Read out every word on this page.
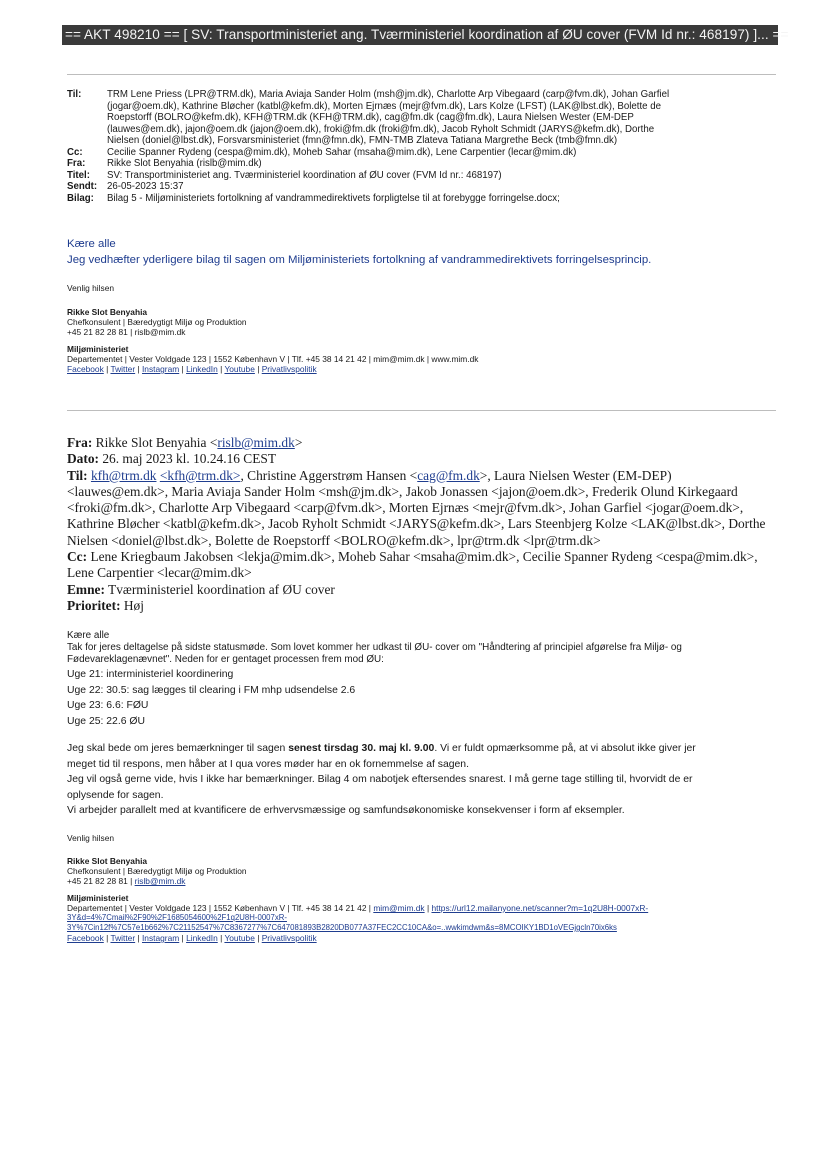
== AKT 498210 == [ SV: Transportministeriet ang. Tværministeriel koordination af ØU cover (FVM Id nr.: 468197) ]... ==
Til:	TRM Lene Priess (LPR@TRM.dk), Maria Aviaja Sander Holm (msh@jm.dk), Charlotte Arp Vibegaard (carp@fvm.dk), Johan Garfiel
(jogar@oem.dk), Kathrine Bløcher (katbl@kefm.dk), Morten Ejrnæs (mejr@fvm.dk), Lars Kolze (LFST) (LAK@lbst.dk), Bolette de
Roepstorff (BOLRO@kefm.dk), KFH@TRM.dk (KFH@TRM.dk), cag@fm.dk (cag@fm.dk), Laura Nielsen Wester (EM-DEP
(lauwes@em.dk), jajon@oem.dk (jajon@oem.dk), froki@fm.dk (froki@fm.dk), Jacob Ryholt Schmidt (JARYS@kefm.dk), Dorthe
Nielsen (doniel@lbst.dk), Forsvarsministeriet (fmn@fmn.dk), FMN-TMB Zlateva Tatiana Margrethe Beck (tmb@fmn.dk)
Cc:	Cecilie Spanner Rydeng (cespa@mim.dk), Moheb Sahar (msaha@mim.dk), Lene Carpentier (lecar@mim.dk)
Fra:	Rikke Slot Benyahia (rislb@mim.dk)
Titel:	SV: Transportministeriet ang. Tværministeriel koordination af ØU cover (FVM Id nr.: 468197)
Sendt:	26-05-2023 15:37
Bilag:	Bilag 5 - Miljøministeriets fortolkning af vandrammedirektivets forpligtelse til at forebygge forringelse.docx;
Kære alle
Jeg vedhæfter yderligere bilag til sagen om Miljøministeriets fortolkning af vandrammedirektivets forringelsesprincip.
Venlig hilsen
Rikke Slot Benyahia
Chefkonsulent | Bæredygtigt Miljø og Produktion
+45 21 82 28 81 | rislb@mim.dk
Miljøministeriet
Departementet | Vester Voldgade 123 | 1552 København V | Tlf. +45 38 14 21 42 | mim@mim.dk | www.mim.dk
Facebook | Twitter | Instagram | LinkedIn | Youtube | Privatlivspolitik
Fra: Rikke Slot Benyahia <rislb@mim.dk>
Dato: 26. maj 2023 kl. 10.24.16 CEST
Til: kfh@trm.dk <kfh@trm.dk>, Christine Aggerstrøm Hansen <cag@fm.dk>, Laura Nielsen Wester (EM-DEP)
<lauwes@em.dk>, Maria Aviaja Sander Holm <msh@jm.dk>, Jakob Jonassen <jajon@oem.dk>, Frederik Olund Kirkegaard
<froki@fm.dk>, Charlotte Arp Vibegaard <carp@fvm.dk>, Morten Ejrnæs <mejr@fvm.dk>, Johan Garfiel <jogar@oem.dk>,
Kathrine Bløcher <katbl@kefm.dk>, Jacob Ryholt Schmidt <JARYS@kefm.dk>, Lars Steenbjerg Kolze <LAK@lbst.dk>, Dorthe
Nielsen <doniel@lbst.dk>, Bolette de Roepstorff <BOLRO@kefm.dk>, lpr@trm.dk <lpr@trm.dk>
Cc: Lene Kriegbaum Jakobsen <lekja@mim.dk>, Moheb Sahar <msaha@mim.dk>, Cecilie Spanner Rydeng <cespa@mim.dk>,
Lene Carpentier <lecar@mim.dk>
Emne: Tværministeriel koordination af ØU cover
Prioritet: Høj
Kære alle
Tak for jeres deltagelse på sidste statusmøde. Som lovet kommer her udkast til ØU- cover om "Håndtering af principiel afgørelse fra Miljø- og
Fødevareklagenævnet". Neden for er gentaget processen frem mod ØU:
Uge 21: interministeriel koordinering
Uge 22: 30.5: sag lægges til clearing i FM mhp udsendelse 2.6
Uge 23: 6.6: FØU
Uge 25: 22.6 ØU
Jeg skal bede om jeres bemærkninger til sagen senest tirsdag 30. maj kl. 9.00. Vi er fuldt opmærksomme på, at vi absolut ikke giver jer
meget tid til respons, men håber at I qua vores møder har en ok fornemmelse af sagen.
Jeg vil også gerne vide, hvis I ikke har bemærkninger. Bilag 4 om nabotjek eftersendes snarest. I må gerne tage stilling til, hvorvidt de er
oplysende for sagen.
Vi arbejder parallelt med at kvantificere de erhvervsmæssige og samfundsøkonomiske konsekvenser i form af eksempler.
Venlig hilsen
Rikke Slot Benyahia
Chefkonsulent | Bæredygtigt Miljø og Produktion
+45 21 82 28 81 | rislb@mim.dk
Miljøministeriet
Departementet | Vester Voldgade 123 | 1552 København V | Tlf. +45 38 14 21 42 | mim@mim.dk | https://url12.mailanyone.net/scanner?m=1q2U8H-0007xR-
3Y&d=4%7Cmail%2F90%2F1685054600%2F1q2U8H-0007xR-
3Y%7Cin12f%7C57e1b662%7C21152547%7C8367277%7C647081893B2820DB077A37FEC2CC10CA&o=..wwkimdwm&s=8MCOIKY1BD1oVEGjgcln70ix6ks
Facebook | Twitter | Instagram | LinkedIn | Youtube | Privatlivspolitik
